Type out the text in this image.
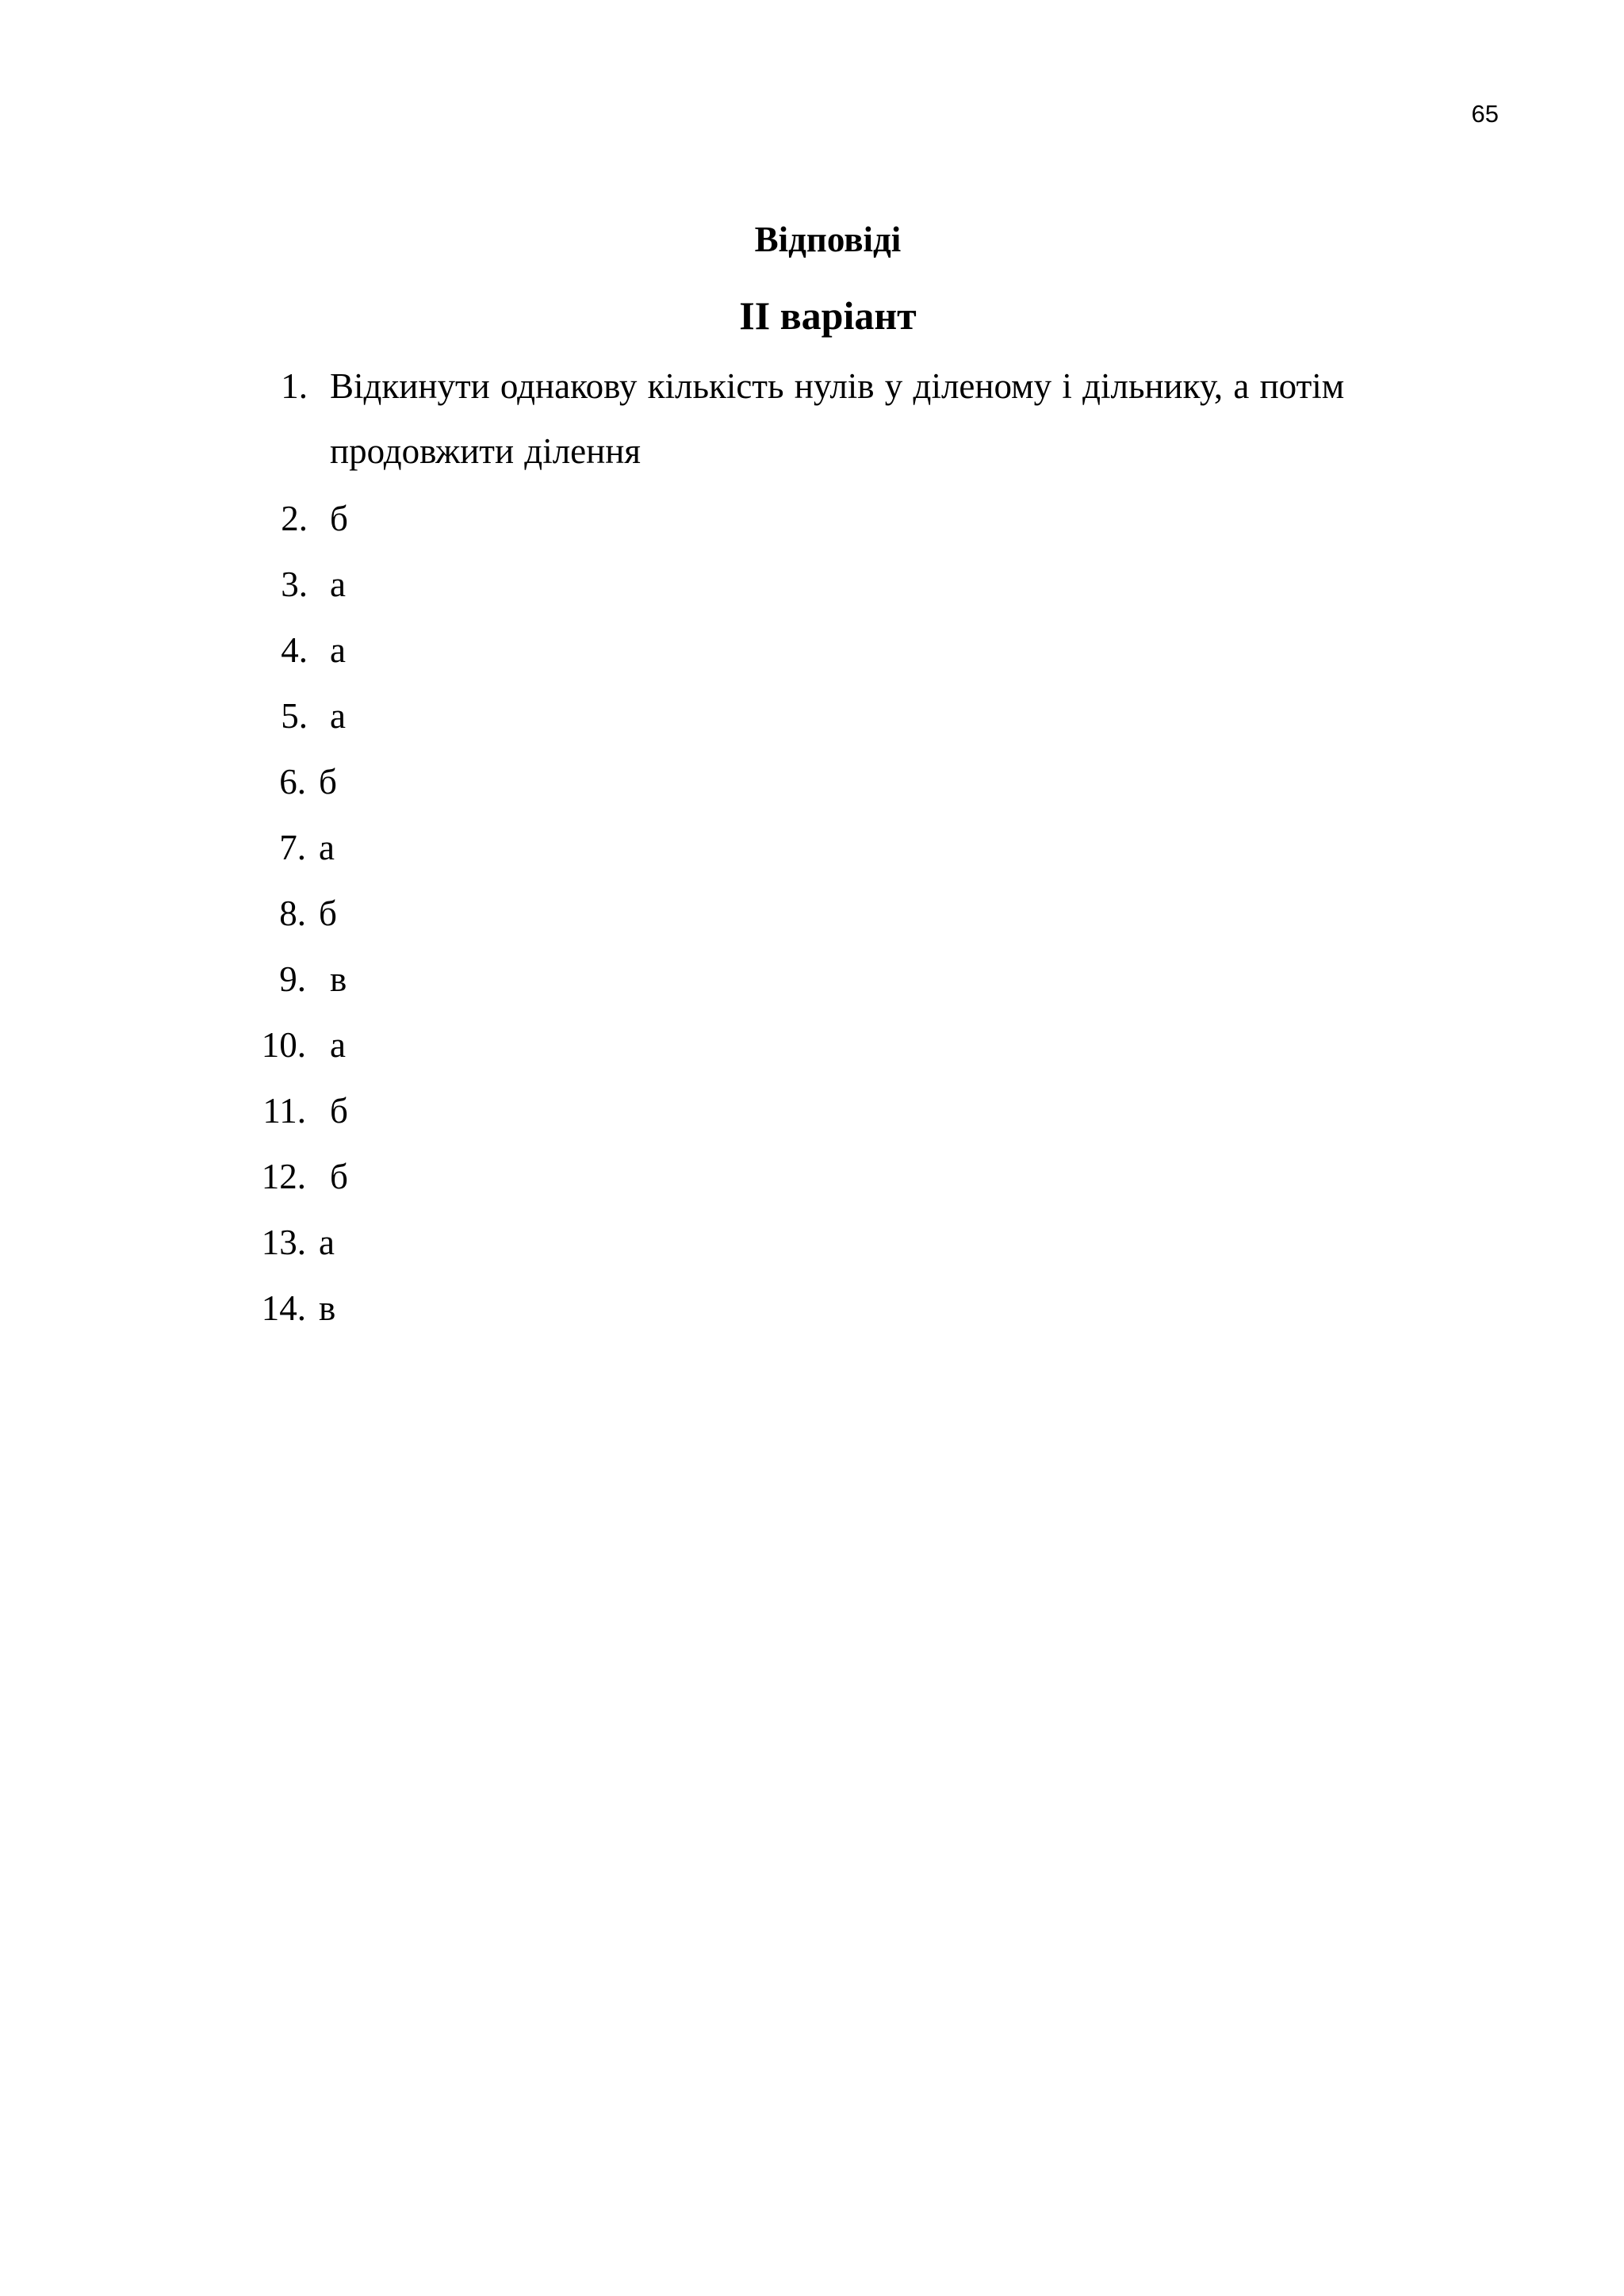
65
Відповіді
II варіант
1. Відкинути однакову кількість нулів у діленому і дільнику, а потім продовжити ділення
2. б
3. а
4. а
5. а
6. б
7. а
8. б
9. в
10. а
11. б
12. б
13. а
14. в
